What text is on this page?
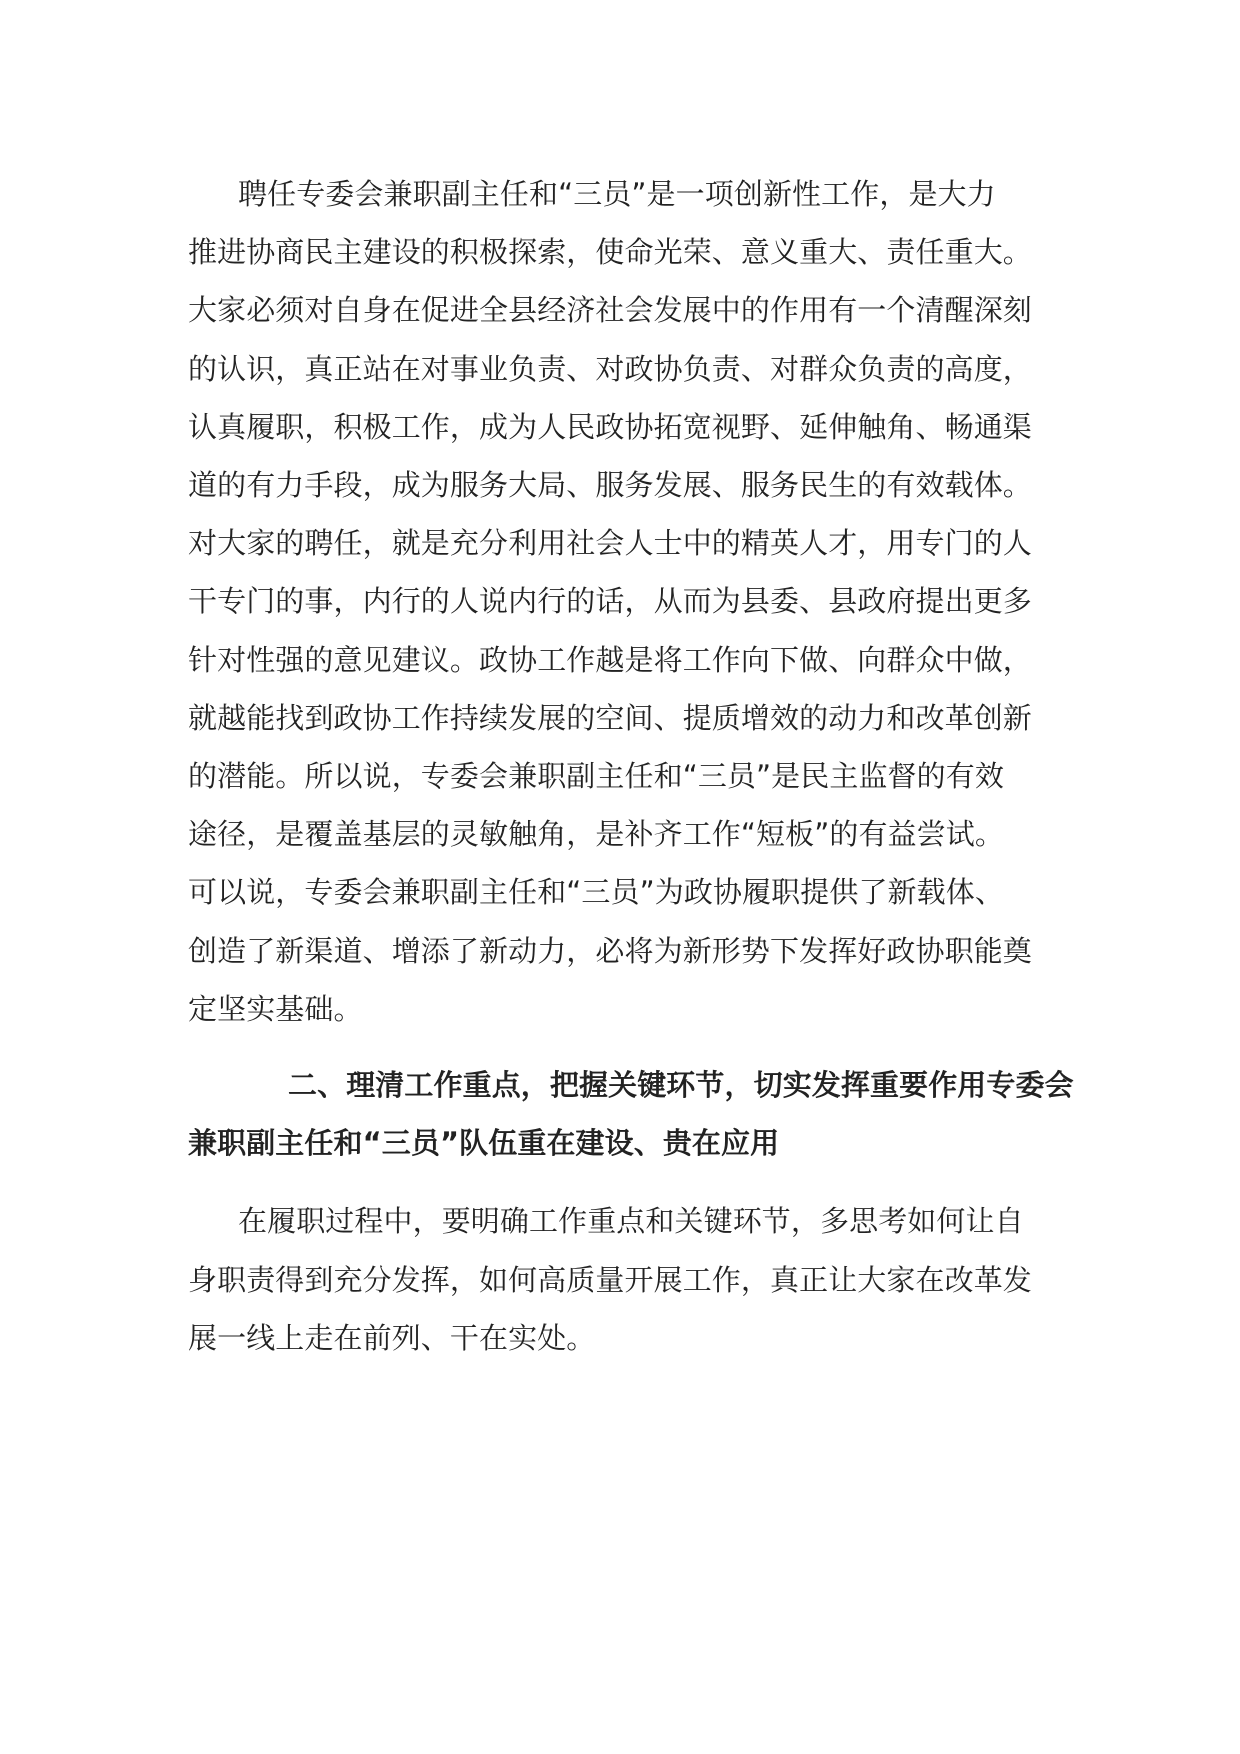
聘任专委会兼职副主任和“三员”是一项创新性工作，是大力
推进协商民主建设的积极探索，使命光荣、意义重大、责任重大。
大家必须对自身在促进全县经济社会发展中的作用有一个清醒深刻
的认识，真正站在对事业负责、对政协负责、对群众负责的高度，
认真履职，积极工作，成为人民政协拓宽视野、延伸触角、畅通渠
道的有力手段，成为服务大局、服务发展、服务民生的有效载体。
对大家的聘任，就是充分利用社会人士中的精英人才，用专门的人
干专门的事，内行的人说内行的话，从而为县委、县政府提出更多
针对性强的意见建议。政协工作越是将工作向下做、向群众中做，
就越能找到政协工作持续发展的空间、提质增效的动力和改革创新
的潜能。所以说，专委会兼职副主任和“三员”是民主监督的有效
途径，是覆盖基层的灵敏触角，是补齐工作“短板”的有益尝试。
可以说，专委会兼职副主任和“三员”为政协履职提供了新载体、
创造了新渠道、增添了新动力，必将为新形势下发挥好政协职能奠
定坚实基础。
二、理清工作重点，把握关键环节，切实发挥重要作用专委会
兼职副主任和“三员”队伍重在建设、贵在应用
在履职过程中，要明确工作重点和关键环节，多思考如何让自
身职责得到充分发挥，如何高质量开展工作，真正让大家在改革发
展一线上走在前列、干在实处。
